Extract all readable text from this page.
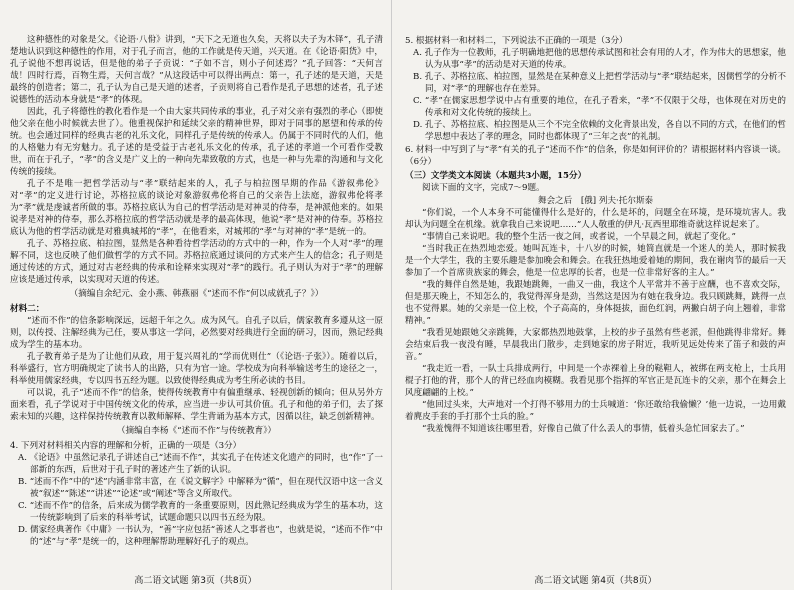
这种德性的对象是父。《论语·八佾》讲到，“天下之无道也久矣，天将以夫子为木铎”，孔子清楚地认识到这种德性的作用，对于孔子而言，他的工作就是传天道，兴天道。在《论语·阳货》中，孔子说他不想再说话，但是他的弟子子贡说：“子如不言，则小子何述焉？”孔子回答：“天何言哉！四时行焉，百物生焉，天何言哉？”从这段话中可以得出两点：第一，孔子述的是天道，天是最终的创造者；第二，孔子认为自己是天道的述者，子贡则将自己看作是孔子思想的述者，孔子述说德性的活动本身就是“孝”的体现。

因此，孔子将德性的教化看作是一个由大家共同传承的事业，孔子对父亲有强烈的孝心（即使他父亲在他小时候就去世了）。他重视保护和延续父亲的精神世界，即对于同事的愿望和传承的传统。也会通过同样的经典古老的礼乐文化，同样孔子是传统的传承人。仍属于不同时代的人们，他的人格魅力有无穷魅力。孔子述的是受益于古老礼乐文化的传承，孔子述的孝道一个可看作受教世，而在于孔子，“孝”的含义是广义上的一种向先辈致敬的方式，也是一种与先辈的沟通和与文化传统的接续。

孔子不是唯一把哲学活动与“孝”联结起来的人，孔子与柏拉图早期的作品《游叙弗伦》对“孝”的定义进行讨论，苏格拉底的谈论对象游叙弗伦将自己的父亲告上法庭，游叙弗伦将孝为“孝”就是虔诚者所做的事。苏格拉底认为自己的哲学活动是对神灵的侍奉，是神派他来的。如果说孝是对神的侍奉，那么苏格拉底的哲学活动就是孝的最高体现，他说“孝”是对神的侍奉。苏格拉底认为他的哲学活动就是对雅典城邦的“孝”，在他看来，对城邦的“孝”与对神的“孝”是统一的。

孔子、苏格拉底、柏拉图，显然是各种看待哲学活动的方式中的一种，作为一个人对“孝”的理解不同，这也反映了他们做哲学的方式不同。苏格拉底通过谈问的方式来产生人的信念；孔子则是通过传述的方式，通过对古老经典的传承和诠释来实现对“孝”的践行。孔子则认为对于“孝”的理解应该是通过传承，以实现对天道的传述。

（摘编自余纪元、金小燕、韩燕丽《“述而不作”何以成就孔子？》）

材料二：

“述而不作”的信条影响深远，远超千年之久。成为风气。自孔子以后，儒家教育多遵从这一原则，以传授、注解经典为己任，要从事这一学问，必然要对经典进行全面的研习，因而，熟记经典成为学生的基本功。

孔子教育弟子是为了让他们从政，用于复兴周礼的“学而优则仕”（《论语·子张》）。随着以后，科举盛行，官方明确规定了读书人的出路，只有为官一途。学校成为向科举输送考生的途径之一，科举使用儒家经典，专以四书五经为题。以致使得经典成为考生所必读的书目。

可以说，孔子“述而不作”的信条，使得传统教育中有偏重继承、轻视创新的倾向；但从另外方面来看，孔子学说对于中国传统文化的传承，应当进一步认可其价值。孔子和他的弟子们，去了探索未知的兴趣，这样保持传统教育以教师解释、学生背诵为基本方式，因循以往，缺乏创新精神。

（摘编自李杨《“述而不作”与传统教育》）

4. 下列对材料相关内容的理解和分析，正确的一项是（3分）

A. 《论语》中虽然记录孔子讲述自己“述而不作”，其实孔子在传述文化遗产的同时，也“作”了一部新的东西，后世对于孔子时的著述产生了新的认识。

B. “述而不作”中的“述”内涵非常丰富，在《说文解字》中解释为“循”，但在现代汉语中这一含义被“叙述”“陈述”“讲述”“论述”或“阐述”等含义所取代。

C. “述而不作”的信条，后来成为儒学教育的一条重要原则，因此熟记经典成为学生的基本功，这一传统影响到了后来的科举考试，试题命题只以四书五经为限。

D. 儒家经典著作《中庸》一书认为，“善”字应包括“善述人之事者也”，也就是说，“述而不作”中的“述”与“孝”是统一的，这种理解帮助理解好孔子的观点。

高二语文试题 第3页（共8页）

5. 根据材料一和材料二，下列说法不正确的一项是（3分）

A. 孔子作为一位教师，孔子明确地把他的思想传承试图和社会有用的人才，作为伟大的思想家，他认为从事“孝”的活动是对天道的传承。

B. 孔子、苏格拉底、柏拉图，显然是在某种意义上把哲学活动与“孝”联结起来，因儒哲学的分析不同，对“孝”的理解也存在差异。

C. “孝”在儒家思想学说中占有重要的地位，在孔子看来，“孝”不仅限于父母，也体现在对历史的传承和对文化传统的接续上。

D. 孔子、苏格拉底、柏拉图是从三个不完全依赖的文化背景出发，各自以不同的方式，在他们的哲学思想中表达了孝的理念，同时也都体现了“三年之丧”的礼制。

6. 材料一中写到了与“孝”有关的孔子“述而不作”的信条，你是如何评价的？请根据材料内容谈一谈。（6分）

（三）文学类文本阅读（本题共3小题，15分）

阅读下面的文字，完成7～9题。

舞会之后　[俄] 列夫·托尔斯泰

“你们说，一个人本身不可能懂得什么是好的，什么是坏的，问题全在环境，是环境坑害人。我却认为问题全在机缘。就拿我自己来说吧……”人人敬重的伊凡·瓦西里耶维奇就这样说起来了。

“事情自己来说吧。我的整个生活一夜之间，或者说，一个早晨之间，就起了变化。”

“当时我正在热烈地恋爱。她叫瓦连卡，十八岁的时候，她简直就是一个迷人的美人，那时候我是一个大学生，我的主要乐趣是参加晚会和舞会。在我狂热地爱着她的期间，我在谢肉节的最后一天参加了一个首席贵族家的舞会，他是一位忠厚的长者，也是一位非常好客的主人。”

“我的舞伴自然是她，我跟她跳舞，一曲又一曲，我这个人平常并不善于应酬，也不喜欢交际，但是那天晚上，不知怎么的，我觉得浑身是劲，当然这是因为有她在我身边。我只顾跳舞，跳得一点也不觉得累。她的父亲是一位上校，个子高高的，身体挺拔，面色红润，两撇白胡子向上翘着，非常精神。”

“我看见她跟她父亲跳舞，大家都热烈地鼓掌，上校的步子虽然有些老派，但他跳得非常好。舞会结束后我一夜没有睡，早晨我出门散步，走到她家的房子附近，我听见远处传来了笛子和鼓的声音。”

“我走近一看，一队士兵排成两行，中间是一个赤裸着上身的鞑靼人，被绑在两支枪上，士兵用棍子打他的背，那个人的背已经血肉模糊。我看见那个指挥的军官正是瓦连卡的父亲，那个在舞会上风度翩翩的上校。”

“他回过头来，大声地对一个打得不够用力的士兵喊道：‘你还敢给我偷懒？’他一边说，一边用戴着麂皮手套的手打那个士兵的脸。”

“我羞愧得不知道该往哪里看，好像自己做了什么丢人的事情，低着头急忙回家去了。”

高二语文试题 第4页（共8页）
